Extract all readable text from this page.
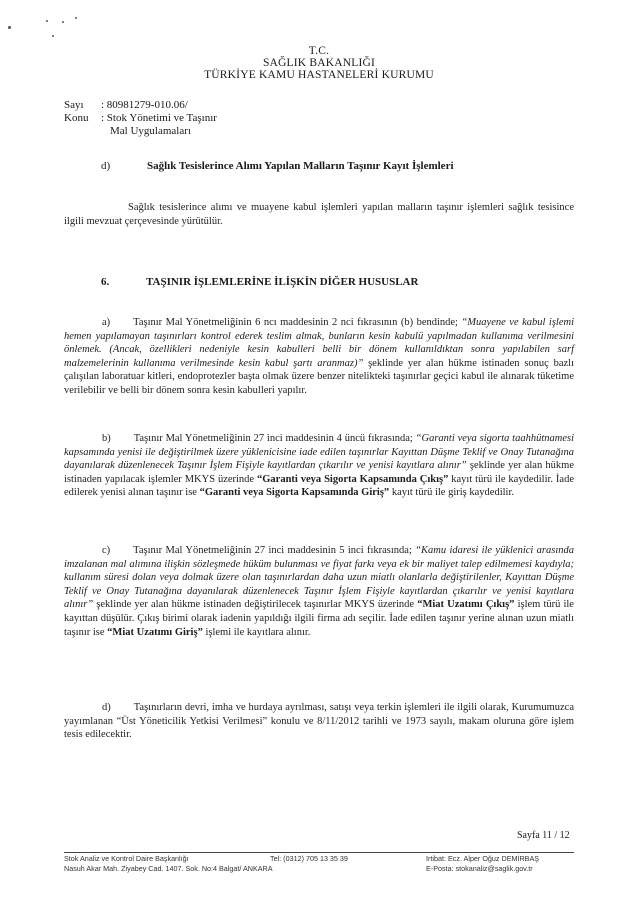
T.C.
SAĞLIK BAKANLIĞI
TÜRKİYE KAMU HASTANELERİ KURUMU
Sayı : 80981279-010.06/
Konu : Stok Yönetimi ve Taşınır
Mal Uygulamaları
d)	Sağlık Tesislerince Alımı Yapılan Malların Taşınır Kayıt İşlemleri
Sağlık tesislerince alımı ve muayene kabul işlemleri yapılan malların taşınır işlemleri sağlık tesisince ilgili mevzuat çerçevesinde yürütülür.
6.	TAŞINIR İŞLEMLERİNE İLİŞKİN DİĞER HUSUSLAR
a) Taşınır Mal Yönetmeliğinin 6 ncı maddesinin 2 nci fıkrasının (b) bendinde; “Muayene ve kabul işlemi hemen yapılamayan taşınırları kontrol ederek teslim almak, bunların kesin kabulü yapılmadan kullanıma verilmesini önlemek. (Ancak, özellikleri nedeniyle kesin kabulleri belli bir dönem kullanıldıktan sonra yapılabilen sarf malzemelerinin kullanıma verilmesinde kesin kabul şartı aranmaz)” şeklinde yer alan hükme istinaden sonuç bazlı çalışılan laboratuar kitleri, endoprotezler başta olmak üzere benzer nitelikteki taşınırlar geçici kabul ile alınarak tüketime verilebilir ve belli bir dönem sonra kesin kabulleri yapılır.
b) Taşınır Mal Yönetmeliğinin 27 inci maddesinin 4 üncü fıkrasında; “Garanti veya sigorta taahhütnamesi kapsamında yenisi ile değiştirilmek üzere yüklenicisine iade edilen taşınırlar Kayıttan Düşme Teklif ve Onay Tutanağına dayanılarak düzenlenecek Taşınır İşlem Fişiyle kayıtlardan çıkarılır ve yenisi kayıtlara alınır” şeklinde yer alan hükme istinaden yapılacak işlemler MKYS üzerinde “Garanti veya Sigorta Kapsamında Çıkış” kayıt türü ile kaydedilir. İade edilerek yenisi alınan taşınır ise “Garanti veya Sigorta Kapsamında Giriş” kayıt türü ile giriş kaydedilir.
c) Taşınır Mal Yönetmeliğinin 27 inci maddesinin 5 inci fıkrasında; “Kamu idaresi ile yüklenici arasında imzalanan mal alımına ilişkin sözleşmede hüküm bulunması ve fiyat farkı veya ek bir maliyet talep edilmemesi kaydıyla; kullanım süresi dolan veya dolmak üzere olan taşınırlardan daha uzun miatlı olanlarla değiştirilenler, Kayıttan Düşme Teklif ve Onay Tutanağına dayanılarak düzenlenecek Taşınır İşlem Fişiyle kayıtlardan çıkarılır ve yenisi kayıtlara alınır” şeklinde yer alan hükme istinaden değiştirilecek taşınırlar MKYS üzerinde “Miat Uzatımı Çıkış” işlem türü ile kayıttan düşülür. Çıkış birimi olarak iadenin yapıldığı ilgili firma adı seçilir. İade edilen taşınır yerine alınan uzun miatlı taşınır ise “Miat Uzatımı Giriş” işlemi ile kayıtlara alınır.
d) Taşınırların devri, imha ve hurdaya ayrılması, satışı veya terkin işlemleri ile ilgili olarak, Kurumumuzca yayımlanan “Üst Yöneticilik Yetkisi Verilmesi” konulu ve 8/11/2012 tarihli ve 1973 sayılı, makam oluruna göre işlem tesis edilecektir.
Sayfa 11 / 12
Stok Analiz ve Kontrol Daire Başkanlığı
Nasuh Akar Mah. Ziyabey Cad. 1407. Sok. No:4 Balgat/ ANKARA
Tel: (0312) 705 13 35 39	Irtibat: Ecz. Alper Oğuz DEMİRBAŞ
E-Posta: stokanaliz@saglik.gov.tr
